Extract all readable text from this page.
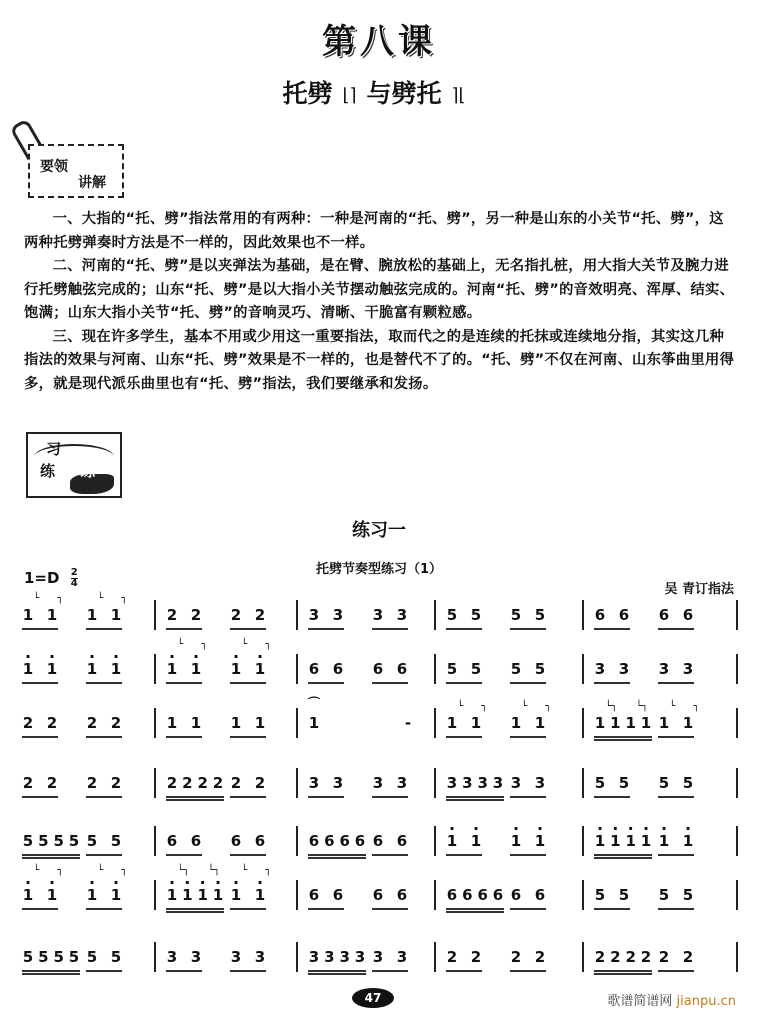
第八课
托劈 ⌊⌉ 与劈托 ⌉⌊
要领
讲解

一、大指的“托、劈”指法常用的有两种：一种是河南的“托、劈”，另一种是山东的小关节“托、劈”，这两种托劈弹奏时方法是不一样的，因此效果也不一样。

二、河南的“托、劈”是以夹弹法为基础，是在臂、腕放松的基础上，无名指扎桩，用大指大关节及腕力进行托劈触弦完成的；山东“托、劈”是以大指小关节摆动触弦完成的。河南“托、劈”的音效明亮、浑厚、结实、饱满；山东大指小关节“托、劈”的音响灵巧、清晰、干脆富有颗粒感。

三、现在许多学生，基本不用或少用这一重要指法，取而代之的是连续的托抹或连续地分指，其实这几种指法的效果与河南、山东“托、劈”效果是不一样的，也是替代不了的。“托、劈”不仅在河南、山东筝曲里用得多，就是现代派乐曲里也有“托、劈”指法，我们要继承和发扬。

习
练 练
练习一
托劈节奏型练习（1）
$1=D \frac{2}{4}$
吴 青订指法
1
└
1
┐
1
└
1
┐
2 2 2 2	3 3 3 3	5 5 5 5	6 6 6 6
· 1 · 1 · 1 · 1	· 1
└
· 1
┐
· 1
└
· 1
┐
6 6 6 6	5 5 5 5	3 3 3 3
2 2 2 2	1 1 1 1	1
⌒
- 1
└
1
┐
1
└
1
┐
1
└┐
1 1
└┐
1 1
└
1
┐
2 2 2 2	2 2 2 2 2 2	3 3 3 3	3 3 3 3 3 3	5 5 5 5
5 5 5 5 5 5	6 6 6 6	6 6 6 6 6 6	· 1 · 1 · 1 · 1	· 1 · 1 · 1 · 1 · 1 · 1
· 1
└
· 1
┐
· 1
└
· 1
┐
· 1
└┐
· 1 · 1
└┐
· 1 · 1
└
· 1
┐
6 6 6 6	6 6 6 6 6 6	5 5 5 5
5 5 5 5 5 5	3 3 3 3	3 3 3 3 3 3	2 2 2 2	2 2 2 2 2 2
47	歌谱简谱网 jianpu.cn
